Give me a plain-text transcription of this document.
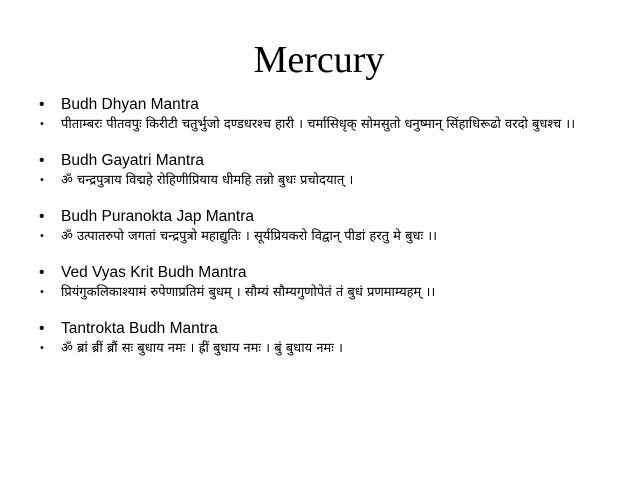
Mercury
• Budh Dhyan Mantra
• पीताम्बरः पीतवपुः किरीटी चतुर्भुजो दण्डधरश्च हारी । चर्मासिधृक् सोमसुतो धनुष्मान् सिंहाधिरूढो वरदो बुधश्च ।।
• Budh Gayatri Mantra
• ॐ चन्द्रपुत्राय विद्महे रोहिणीप्रियाय धीमहि तन्नो बुधः प्रचोदयात् ।
• Budh Puranokta Jap Mantra
• ॐ उत्पातरुपो जगतां चन्द्रपुत्रो महाद्युतिः । सूर्यप्रियकरो विद्वान् पीडां हरतु मे बुधः ।।
• Ved Vyas Krit Budh Mantra
• प्रियंगुकलिकाश्यामं रुपेणाप्रतिमं बुधम् । सौम्यं सौम्यगुणोपेतं तं बुधं प्रणमाम्यहम् ।।
• Tantrokta Budh Mantra
• ॐ ब्रां ब्रीं ब्रौं सः बुधाय नमः । ह्रीं बुधाय नमः । बुं बुधाय नमः ।
